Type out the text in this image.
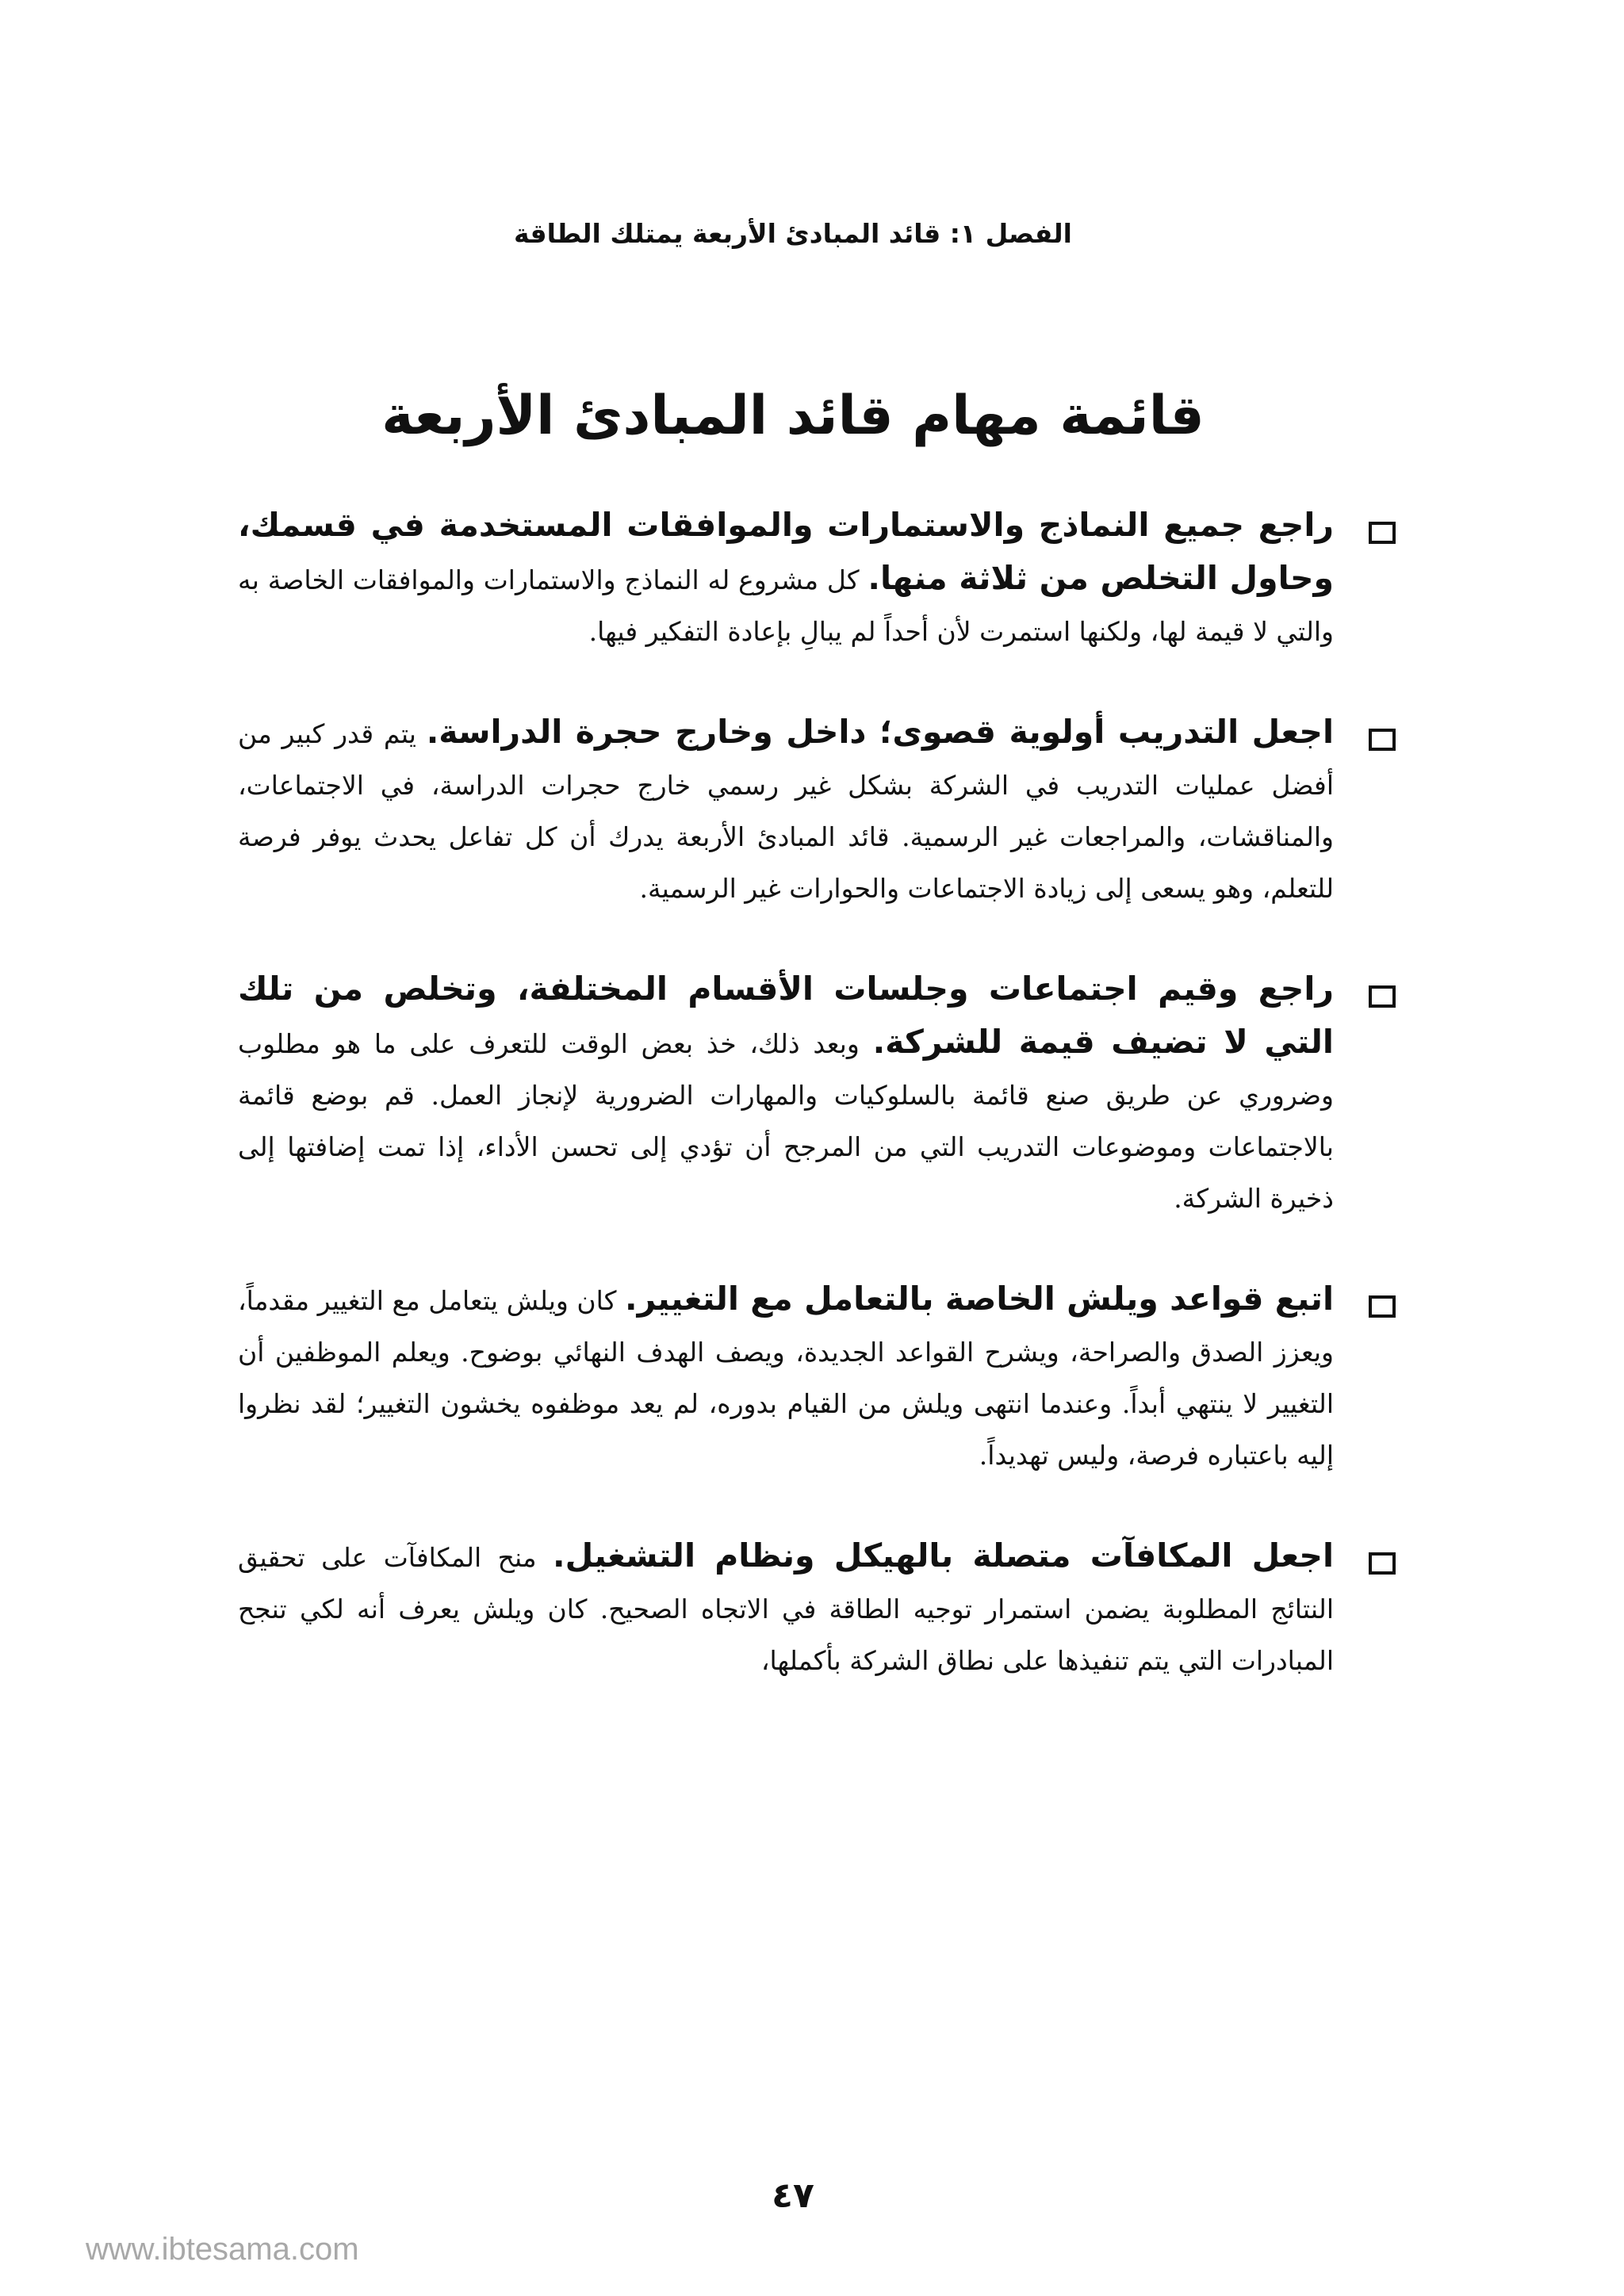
الفصل ١: قائد المبادئ الأربعة يمتلك الطاقة
قائمة مهام قائد المبادئ الأربعة
راجع جميع النماذج والاستمارات والموافقات المستخدمة في قسمك، وحاول التخلص من ثلاثة منها. كل مشروع له النماذج والاستمارات والموافقات الخاصة به والتي لا قيمة لها، ولكنها استمرت لأن أحداً لم يبالِ بإعادة التفكير فيها.
اجعل التدريب أولوية قصوى؛ داخل وخارج حجرة الدراسة. يتم قدر كبير من أفضل عمليات التدريب في الشركة بشكل غير رسمي خارج حجرات الدراسة، في الاجتماعات، والمناقشات، والمراجعات غير الرسمية. قائد المبادئ الأربعة يدرك أن كل تفاعل يحدث يوفر فرصة للتعلم، وهو يسعى إلى زيادة الاجتماعات والحوارات غير الرسمية.
راجع وقيم اجتماعات وجلسات الأقسام المختلفة، وتخلص من تلك التي لا تضيف قيمة للشركة. وبعد ذلك، خذ بعض الوقت للتعرف على ما هو مطلوب وضروري عن طريق صنع قائمة بالسلوكيات والمهارات الضرورية لإنجاز العمل. قم بوضع قائمة بالاجتماعات وموضوعات التدريب التي من المرجح أن تؤدي إلى تحسن الأداء، إذا تمت إضافتها إلى ذخيرة الشركة.
اتبع قواعد ويلش الخاصة بالتعامل مع التغيير. كان ويلش يتعامل مع التغيير مقدماً، ويعزز الصدق والصراحة، ويشرح القواعد الجديدة، ويصف الهدف النهائي بوضوح. ويعلم الموظفين أن التغيير لا ينتهي أبداً. وعندما انتهى ويلش من القيام بدوره، لم يعد موظفوه يخشون التغيير؛ لقد نظروا إليه باعتباره فرصة، وليس تهديداً.
اجعل المكافآت متصلة بالهيكل ونظام التشغيل. منح المكافآت على تحقيق النتائج المطلوبة يضمن استمرار توجيه الطاقة في الاتجاه الصحيح. كان ويلش يعرف أنه لكي تنجح المبادرات التي يتم تنفيذها على نطاق الشركة بأكملها،
٤٧
www.ibtesama.com
